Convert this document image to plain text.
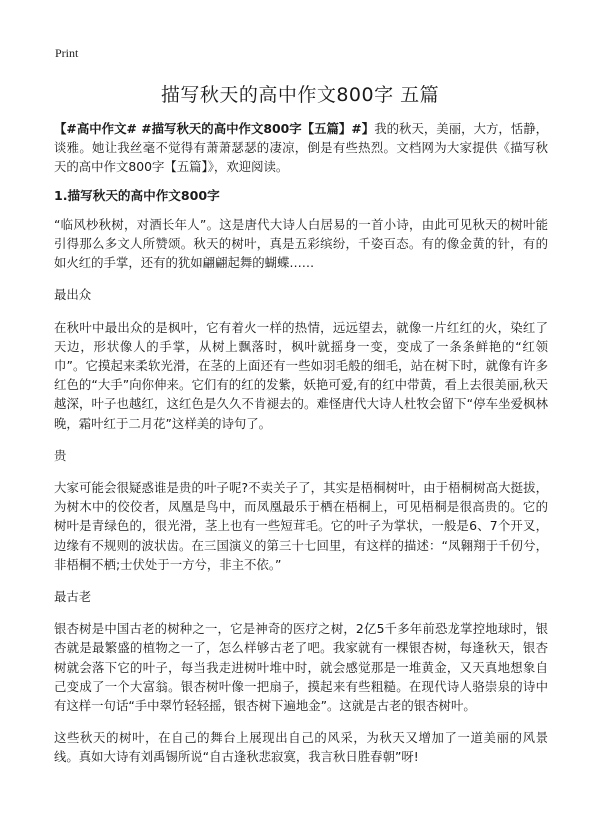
Print
描写秋天的高中作文800字 五篇

【#高中作文# #描写秋天的高中作文800字【五篇】#】我的秋天，美丽，大方，恬静，谈雅。她让我丝毫不觉得有萧萧瑟瑟的凄凉，倒是有些热烈。文档网为大家提供《描写秋天的高中作文800字【五篇】》，欢迎阅读。

1.描写秋天的高中作文800字

“临风杪秋树，对酒长年人”。这是唐代大诗人白居易的一首小诗，由此可见秋天的树叶能引得那么多文人所赞颂。秋天的树叶，真是五彩缤纷，千姿百态。有的像金黄的针，有的如火红的手掌，还有的犹如翩翩起舞的蝴蝶……

最出众

在秋叶中最出众的是枫叶，它有着火一样的热情，远远望去，就像一片红红的火，染红了天边，形状像人的手掌，从树上飘落时，枫叶就摇身一变，变成了一条条鲜艳的“红领巾”。它摸起来柔软光滑，在茎的上面还有一些如羽毛般的细毛，站在树下时，就像有许多红色的“大手”向你伸来。它们有的红的发紫，妖艳可爱,有的红中带黄，看上去很美丽,秋天越深，叶子也越红，这红色是久久不肯褪去的。难怪唐代大诗人杜牧会留下“停车坐爱枫林晚，霜叶红于二月花”这样美的诗句了。

贵

大家可能会很疑惑谁是贵的叶子呢?不卖关子了，其实是梧桐树叶，由于梧桐树高大挺拔，为树木中的佼佼者，凤凰是鸟中，而凤凰最乐于栖在梧桐上，可见梧桐是很高贵的。它的树叶是青绿色的，很光滑，茎上也有一些短茸毛。它的叶子为掌状，一般是6、7个开叉，边缘有不规则的波状齿。在三国演义的第三十七回里，有这样的描述：“凤翱翔于千仞兮，非梧桐不栖;士伏处于一方兮，非主不依。”

最古老

银杏树是中国古老的树种之一，它是神奇的医疗之树，2亿5千多年前恐龙掌控地球时，银杏就是最繁盛的植物之一了，怎么样够古老了吧。我家就有一棵银杏树，每逢秋天，银杏树就会落下它的叶子，每当我走进树叶堆中时，就会感觉那是一堆黄金，又天真地想象自己变成了一个大富翁。银杏树叶像一把扇子，摸起来有些粗糙。在现代诗人骆崇泉的诗中有这样一句话“手中翠竹轻轻摇，银杏树下遍地金”。这就是古老的银杏树叶。

这些秋天的树叶，在自己的舞台上展现出自己的风采，为秋天又增加了一道美丽的风景线。真如大诗有刘禹锡所说“自古逢秋悲寂寞，我言秋日胜春朝”呀!
